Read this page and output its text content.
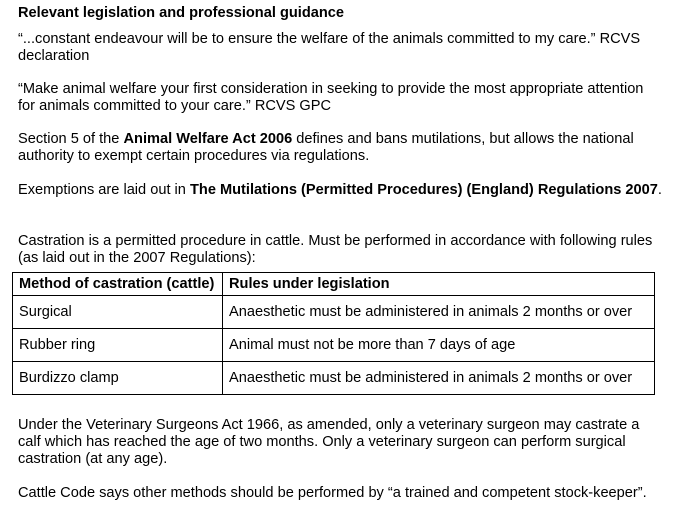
Relevant legislation and professional guidance

“...constant endeavour will be to ensure the welfare of the animals committed to my care.” RCVS declaration

“Make animal welfare your first consideration in seeking to provide the most appropriate attention for animals committed to your care.” RCVS GPC

Section 5 of the Animal Welfare Act 2006 defines and bans mutilations, but allows the national authority to exempt certain procedures via regulations.

Exemptions are laid out in The Mutilations (Permitted Procedures) (England) Regulations 2007.

Castration is a permitted procedure in cattle. Must be performed in accordance with following rules (as laid out in the 2007 Regulations):

Method of castration (cattle)	Rules under legislation
Surgical	Anaesthetic must be administered in animals 2 months or over
Rubber ring	Animal must not be more than 7 days of age
Burdizzo clamp	Anaesthetic must be administered in animals 2 months or over

Under the Veterinary Surgeons Act 1966, as amended, only a veterinary surgeon may castrate a calf which has reached the age of two months. Only a veterinary surgeon can perform surgical castration (at any age).

Cattle Code says other methods should be performed by “a trained and competent stock-keeper”.
